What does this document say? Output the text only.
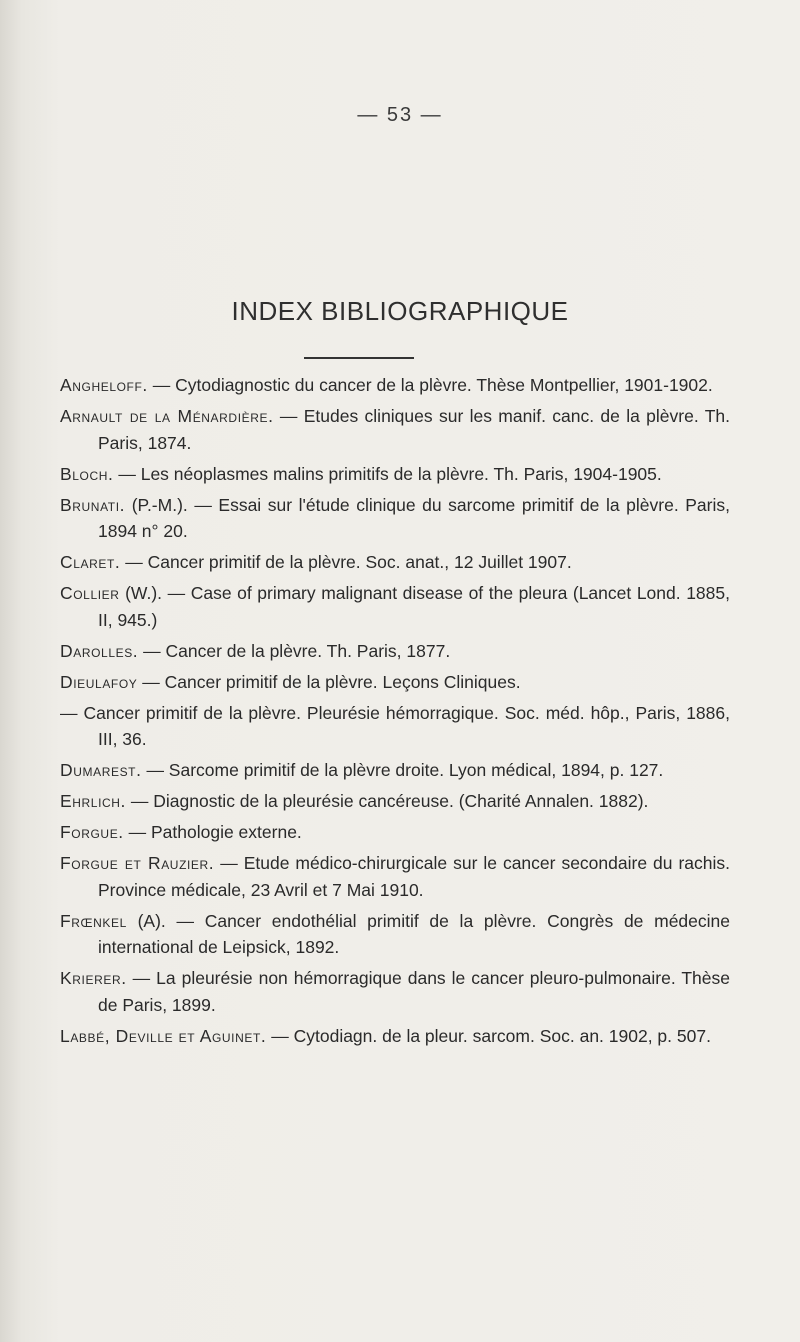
— 53 —
INDEX BIBLIOGRAPHIQUE
Angheloff. — Cytodiagnostic du cancer de la plèvre. Thèse Montpellier, 1901-1902.
Arnault de la Ménardière. — Etudes cliniques sur les manif. canc. de la plèvre. Th. Paris, 1874.
Bloch. — Les néoplasmes malins primitifs de la plèvre. Th. Paris, 1904-1905.
Brunati. (P.-M.). — Essai sur l'étude clinique du sarcome primitif de la plèvre. Paris, 1894 n° 20.
Claret. — Cancer primitif de la plèvre. Soc. anat., 12 Juillet 1907.
Collier (W.). — Case of primary malignant disease of the pleura (Lancet Lond. 1885, II, 945.)
Darolles. — Cancer de la plèvre. Th. Paris, 1877.
Dieulafoy — Cancer primitif de la plèvre. Leçons Cliniques.
— Cancer primitif de la plèvre. Pleurésie hémorragique. Soc. méd. hôp., Paris, 1886, III, 36.
Dumarest. — Sarcome primitif de la plèvre droite. Lyon médical, 1894, p. 127.
Ehrlich. — Diagnostic de la pleurésie cancéreuse. (Charité Annalen. 1882).
Forgue. — Pathologie externe.
Forgue et Rauzier. — Etude médico-chirurgicale sur le cancer secondaire du rachis. Province médicale, 23 Avril et 7 Mai 1910.
Frœnkel (A). — Cancer endothélial primitif de la plèvre. Congrès de médecine international de Leipsick, 1892.
Krierer. — La pleurésie non hémorragique dans le cancer pleuro-pulmonaire. Thèse de Paris, 1899.
Labbé, Deville et Aguinet. — Cytodiagn. de la pleur. sarcom. Soc. an. 1902, p. 507.
